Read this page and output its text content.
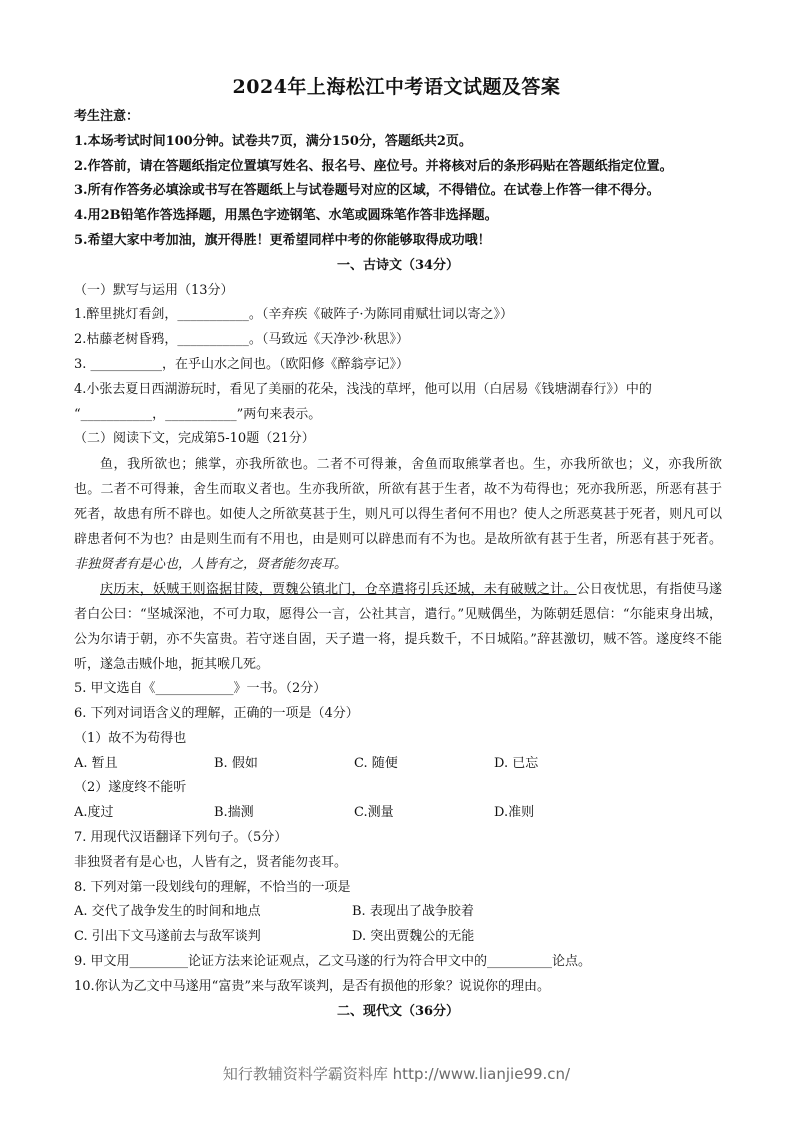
2024年上海松江中考语文试题及答案
考生注意：
1.本场考试时间100分钟。试卷共7页，满分150分，答题纸共2页。
2.作答前，请在答题纸指定位置填写姓名、报名号、座位号。并将核对后的条形码贴在答题纸指定位置。
3.所有作答务必填涂或书写在答题纸上与试卷题号对应的区域，不得错位。在试卷上作答一律不得分。
4.用2B铅笔作答选择题，用黑色字迹钢笔、水笔或圆珠笔作答非选择题。
5.希望大家中考加油，旗开得胜！更希望同样中考的你能够取得成功哦！
一、古诗文（34分）
（一）默写与运用（13分）
1.醉里挑灯看剑，___________。（辛弃疾《破阵子·为陈同甫赋壮词以寄之》）
2.枯藤老树昏鸦，___________。（马致远《天净沙·秋思》）
3. ___________，在乎山水之间也。（欧阳修《醉翁亭记》）
4.小张去夏日西湖游玩时，看见了美丽的花朵，浅浅的草坪，他可以用（白居易《钱塘湖春行》）中的
“___________，___________”两句来表示。
（二）阅读下文，完成第5-10题（21分）
鱼，我所欲也；熊掌，亦我所欲也。二者不可得兼，舍鱼而取熊掌者也。生，亦我所欲也；义，亦我所欲也。二者不可得兼，舍生而取义者也。生亦我所欲，所欲有甚于生者，故不为苟得也；死亦我所恶，所恶有甚于死者，故患有所不辟也。如使人之所欲莫甚于生，则凡可以得生者何不用也？使人之所恶莫甚于死者，则凡可以辟患者何不为也？由是则生而有不用也，由是则可以辟患而有不为也。是故所欲有甚于生者，所恶有甚于死者。非独贤者有是心也，人皆有之，贤者能勿丧耳。
庆历末，妖贼王则盗据甘陵，贾魏公镇北门，仓卒遣将引兵还城，未有破贼之计。公日夜忧思，有指使马遂者白公曰：“坚城深池，不可力取，愿得公一言，公社其言，遣行。”见贼偶坐，为陈朝廷恩信：“尔能束身出城，公为尔请于朝，亦不失富贵。若守迷自固，天子遣一将，提兵数千，不日城陷。”辞甚激切，贼不答。遂度终不能听，遂急击贼仆地，扼其喉几死。
5. 甲文选自《____________》一书。（2分）
6. 下列对词语含义的理解，正确的一项是（4分）
（1）故不为苟得也
A. 暂且	B. 假如	C. 随便	D. 已忘
（2）遂度终不能听
A.度过	B.揣测	C.测量	D.准则
7. 用现代汉语翻译下列句子。（5分）
非独贤者有是心也，人皆有之，贤者能勿丧耳。
8. 下列对第一段划线句的理解，不恰当的一项是
A. 交代了战争发生的时间和地点	B. 表现出了战争胶着
C. 引出下文马遂前去与敌军谈判	D. 突出贾魏公的无能
9. 甲文用_________论证方法来论证观点，乙文马遂的行为符合甲文中的__________论点。
10.你认为乙文中马遂用“富贵”来与敌军谈判，是否有损他的形象？说说你的理由。
二、现代文（36分）
知行教辅资料学霸资料库 http://www.lianjie99.cn/
